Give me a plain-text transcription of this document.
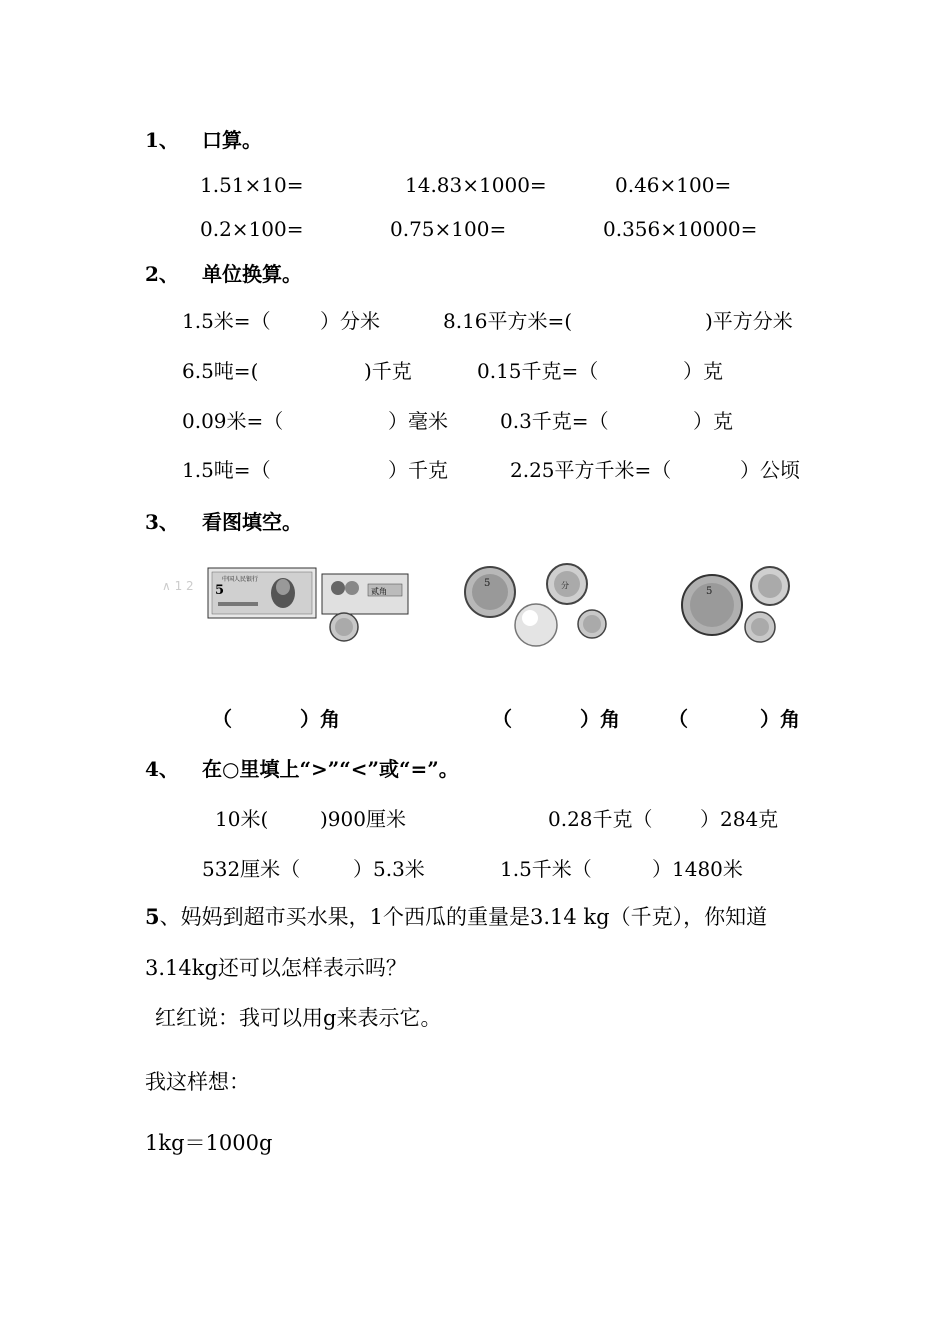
1、 口算。
1.51×10=	14.83×1000=	0.46×100=
0.2×100=	0.75×100=	0.356×10000=
2、 单位换算。
1.5米=（ ）分米	8.16平方米=(	)平方分米
6.5吨=(	)千克	0.15千克=（	）克
0.09米=（	）毫米	0.3千克=（	）克
1.5吨=（	）千克	2.25平方千米=（	）公顷
3、 看图填空。
∧ 1 2 5
中国人民银行
贰角
5	分
5
（	）角	（	）角 （	）角
4、 在○里填上“>”“<”或“=”。
10米(	)900厘米	0.28千克（ ）284克
532厘米（	）5.3米	1.5千米（	）1480米
5、妈妈到超市买水果，1个西瓜的重量是3.14 kg（千克），你知道
3.14kg还可以怎样表示吗？
红红说：我可以用g来表示它。
我这样想：
1kg＝1000g
